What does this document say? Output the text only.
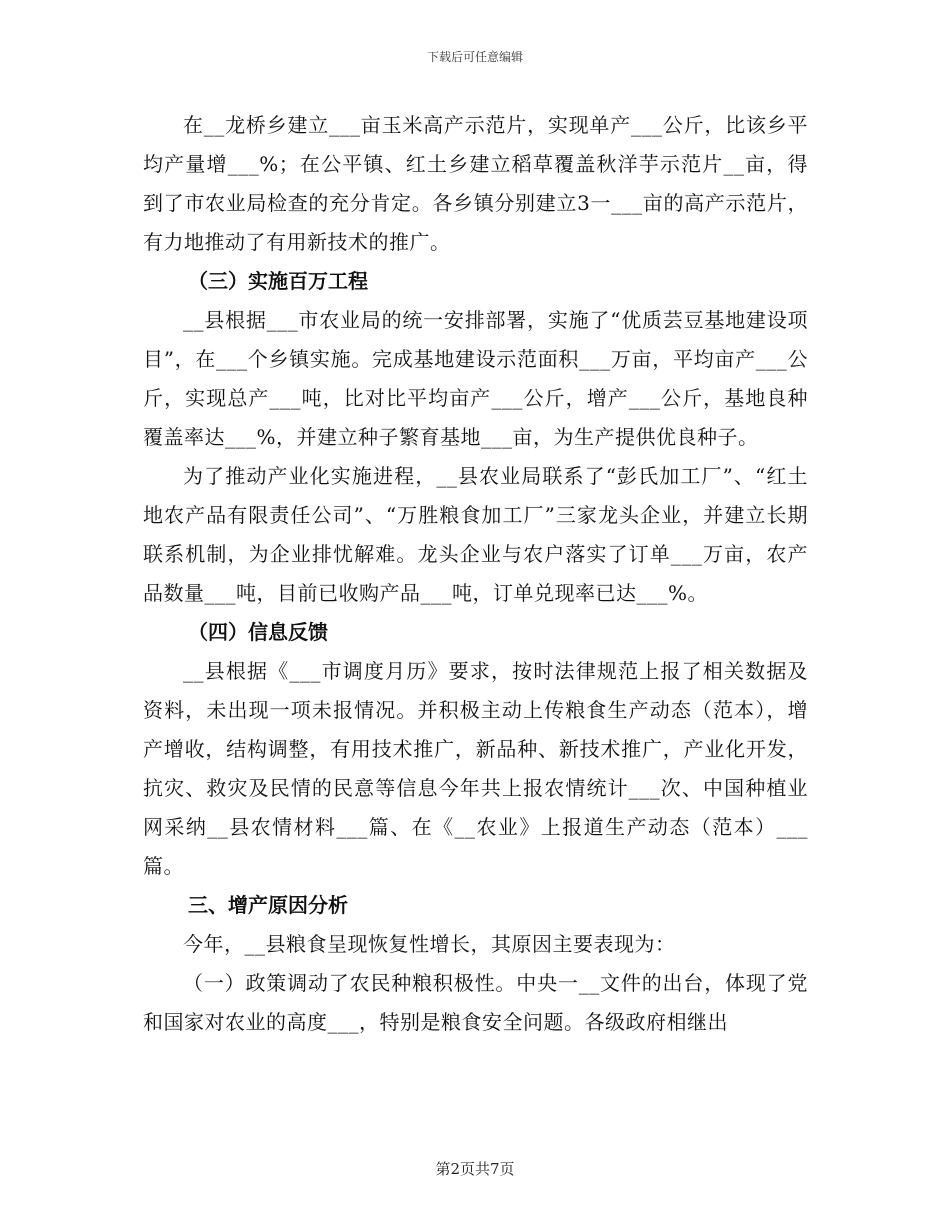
下载后可任意编辑

在__龙桥乡建立___亩玉米高产示范片，实现单产___公斤，比该乡平均产量增___%；在公平镇、红土乡建立稻草覆盖秋洋芋示范片__亩，得到了市农业局检查的充分肯定。各乡镇分别建立3一___亩的高产示范片，有力地推动了有用新技术的推广。

（三）实施百万工程

__县根据___市农业局的统一安排部署，实施了“优质芸豆基地建设项目”，在___个乡镇实施。完成基地建设示范面积___万亩，平均亩产___公斤，实现总产___吨，比对比平均亩产___公斤，增产___公斤，基地良种覆盖率达___%，并建立种子繁育基地___亩，为生产提供优良种子。

为了推动产业化实施进程，__县农业局联系了“彭氏加工厂”、“红土地农产品有限责任公司”、“万胜粮食加工厂”三家龙头企业，并建立长期联系机制，为企业排忧解难。龙头企业与农户落实了订单___万亩，农产品数量___吨，目前已收购产品___吨，订单兑现率已达___%。

（四）信息反馈

__县根据《___市调度月历》要求，按时法律规范上报了相关数据及资料，未出现一项未报情况。并积极主动上传粮食生产动态（范本），增产增收，结构调整，有用技术推广，新品种、新技术推广，产业化开发，抗灾、救灾及民情的民意等信息今年共上报农情统计___次、中国种植业网采纳__县农情材料___篇、在《__农业》上报道生产动态（范本）___篇。

三、增产原因分析

今年，__县粮食呈现恢复性增长，其原因主要表现为：

（一）政策调动了农民种粮积极性。中央一__文件的出台，体现了党和国家对农业的高度___，特别是粮食安全问题。各级政府相继出

第2页共7页
